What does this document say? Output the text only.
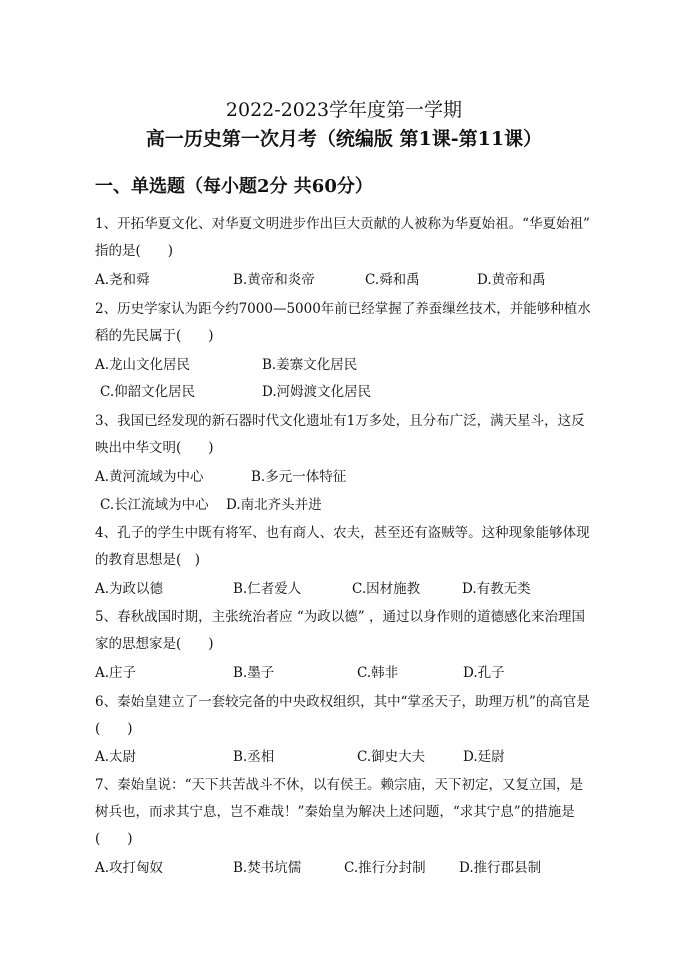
2022-2023学年度第一学期
高一历史第一次月考（统编版 第1课-第11课）
一、单选题（每小题2分 共60分）
1、开拓华夏文化、对华夏文明进步作出巨大贡献的人被称为华夏始祖。“华夏始祖” 指的是(　　)
A.尧和舜	B.黄帝和炎帝	C.舜和禹	D.黄帝和禹
2、历史学家认为距今约7000—5000年前已经掌握了养蚕缫丝技术，并能够种植水稻的先民属于(　　)
A.龙山文化居民	B.姜寨文化居民
C.仰韶文化居民	D.河姆渡文化居民
3、我国已经发现的新石器时代文化遗址有1万多处，且分布广泛，满天星斗，这反映出中华文明(　　)
A.黄河流域为中心	B.多元一体特征
C.长江流域为中心 D.南北齐头并进
4、孔子的学生中既有将军、也有商人、农夫，甚至还有盗贼等。这种现象能够体现的教育思想是(　)
A.为政以德	B.仁者爱人	C.因材施教	D.有教无类
5、春秋战国时期，主张统治者应 “为政以德” ，通过以身作则的道德感化来治理国家的思想家是(　　)
A.庄子	B.墨子	C.韩非	D.孔子
6、秦始皇建立了一套较完备的中央政权组织，其中“掌丞天子，助理万机”的高官是(　　)
A.太尉	B.丞相	C.御史大夫	D.廷尉
7、秦始皇说：“天下共苦战斗不休，以有侯王。赖宗庙，天下初定，又复立国，是树兵也，而求其宁息，岂不难哉！”秦始皇为解决上述问题，“求其宁息”的措施是(　　)
A.攻打匈奴	B.焚书坑儒	C.推行分封制 D.推行郡县制
